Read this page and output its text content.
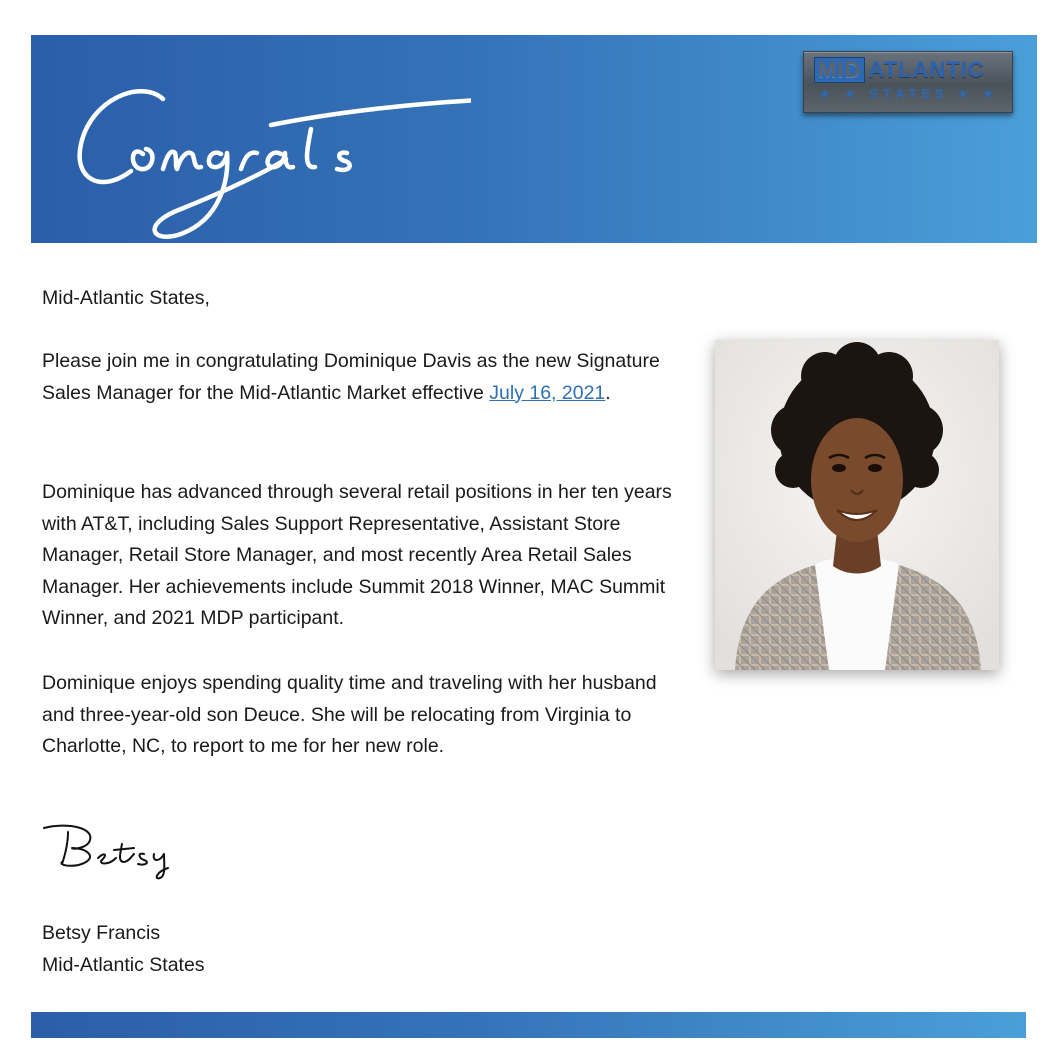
MID ATLANTIC
★ ★ STATES ★ ★
Mid-Atlantic States,
Please join me in congratulating Dominique Davis as the new Signature Sales Manager for the Mid-Atlantic Market effective July 16, 2021.
Dominique has advanced through several retail positions in her ten years with AT&T, including Sales Support Representative, Assistant Store Manager, Retail Store Manager, and most recently Area Retail Sales Manager. Her achievements include Summit 2018 Winner, MAC Summit Winner, and 2021 MDP participant.
Dominique enjoys spending quality time and traveling with her husband and three-year-old son Deuce. She will be relocating from Virginia to Charlotte, NC, to report to me for her new role.
Betsy Francis
Mid-Atlantic States
